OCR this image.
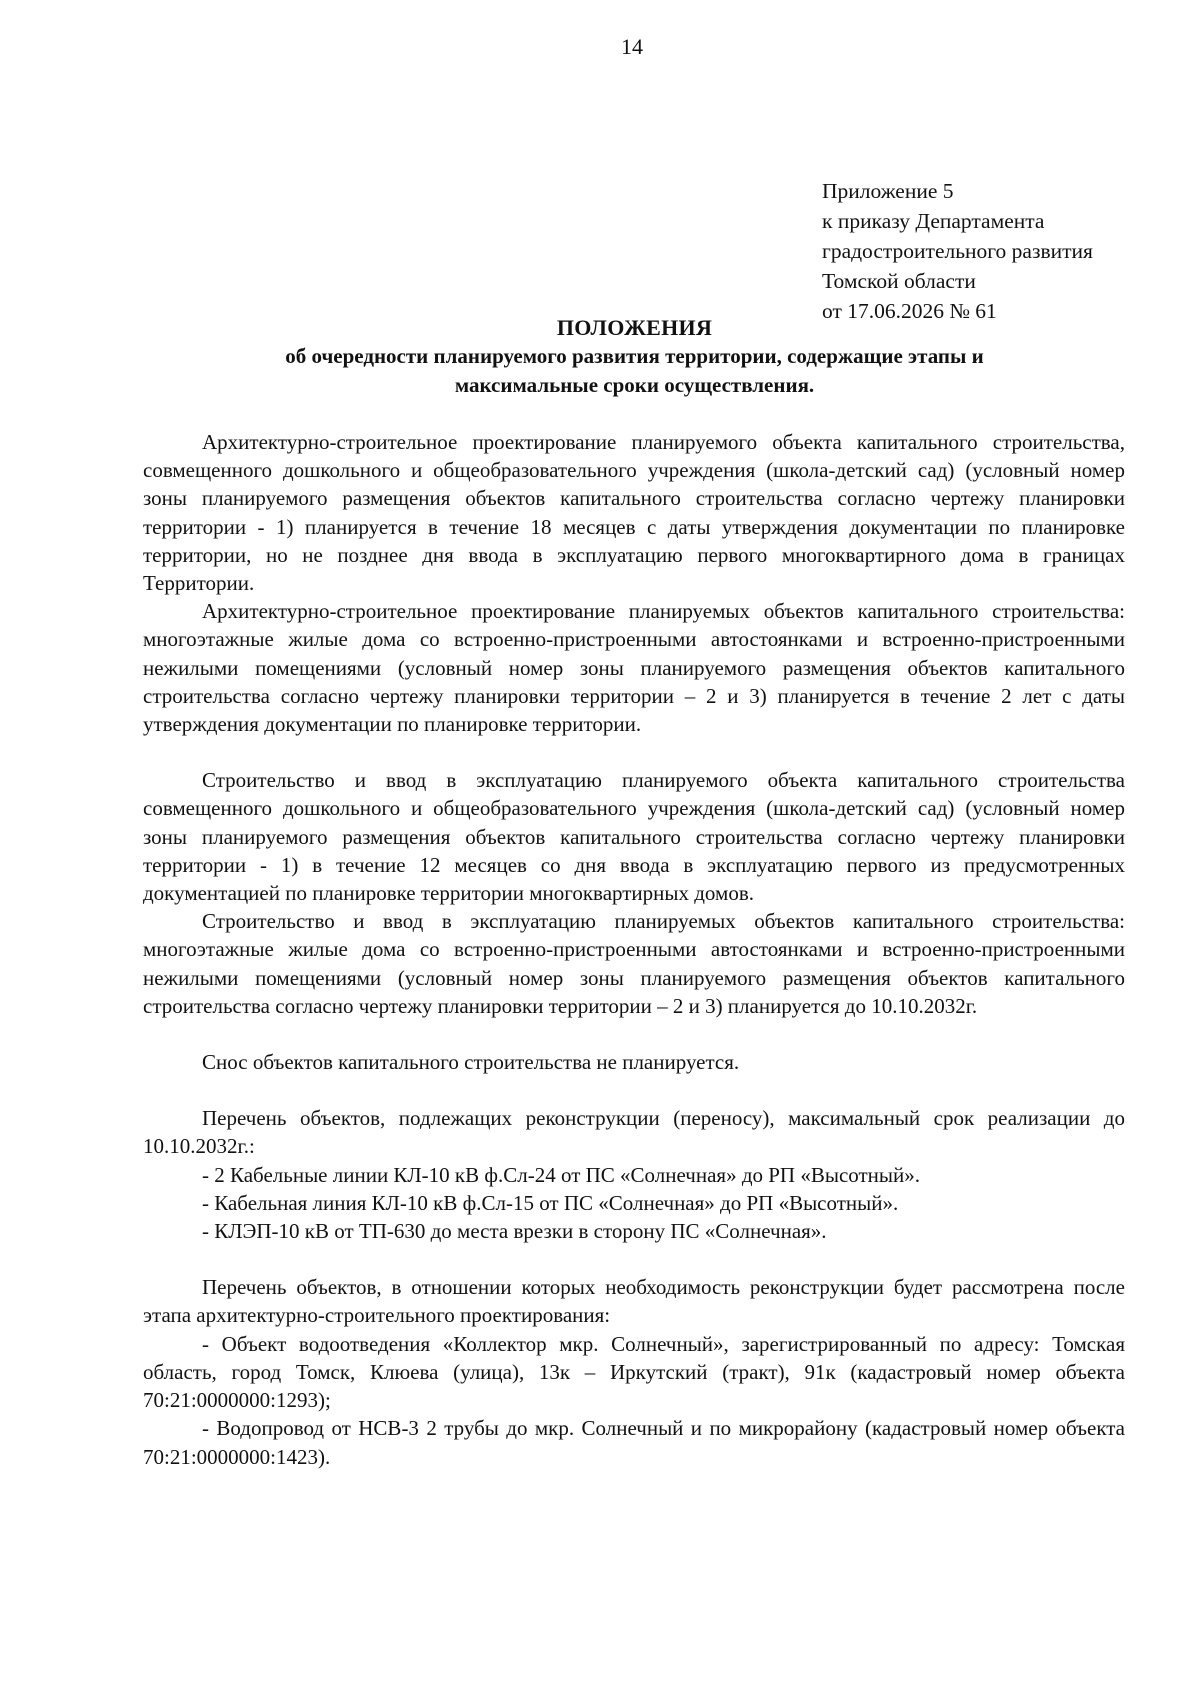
14
Приложение 5
к приказу Департамента
градостроительного развития
Томской области
от 17.06.2026 № 61
ПОЛОЖЕНИЯ
об очередности планируемого развития территории, содержащие этапы и
максимальные сроки осуществления.

Архитектурно-строительное проектирование планируемого объекта капитального строительства, совмещенного дошкольного и общеобразовательного учреждения (школа-детский сад) (условный номер зоны планируемого размещения объектов капитального строительства согласно чертежу планировки территории - 1) планируется в течение 18 месяцев с даты утверждения документации по планировке территории, но не позднее дня ввода в эксплуатацию первого многоквартирного дома в границах Территории.

Архитектурно-строительное проектирование планируемых объектов капитального строительства: многоэтажные жилые дома со встроенно-пристроенными автостоянками и встроенно-пристроенными нежилыми помещениями (условный номер зоны планируемого размещения объектов капитального строительства согласно чертежу планировки территории – 2 и 3) планируется в течение 2 лет с даты утверждения документации по планировке территории.

Строительство и ввод в эксплуатацию планируемого объекта капитального строительства совмещенного дошкольного и общеобразовательного учреждения (школа-детский сад) (условный номер зоны планируемого размещения объектов капитального строительства согласно чертежу планировки территории - 1) в течение 12 месяцев со дня ввода в эксплуатацию первого из предусмотренных документацией по планировке территории многоквартирных домов.

Строительство и ввод в эксплуатацию планируемых объектов капитального строительства: многоэтажные жилые дома со встроенно-пристроенными автостоянками и встроенно-пристроенными нежилыми помещениями (условный номер зоны планируемого размещения объектов капитального строительства согласно чертежу планировки территории – 2 и 3) планируется до 10.10.2032г.

Снос объектов капитального строительства не планируется.

Перечень объектов, подлежащих реконструкции (переносу), максимальный срок реализации до 10.10.2032г.:

- 2 Кабельные линии КЛ-10 кВ ф.Сл-24 от ПС «Солнечная» до РП «Высотный».

- Кабельная линия КЛ-10 кВ ф.Сл-15 от ПС «Солнечная» до РП «Высотный».

- КЛЭП-10 кВ от ТП-630 до места врезки в сторону ПС «Солнечная».

Перечень объектов, в отношении которых необходимость реконструкции будет рассмотрена после этапа архитектурно-строительного проектирования:

- Объект водоотведения «Коллектор мкр. Солнечный», зарегистрированный по адресу: Томская область, город Томск, Клюева (улица), 13к – Иркутский (тракт), 91к (кадастровый номер объекта 70:21:0000000:1293);

- Водопровод от НСВ-3 2 трубы до мкр. Солнечный и по микрорайону (кадастровый номер объекта 70:21:0000000:1423).
